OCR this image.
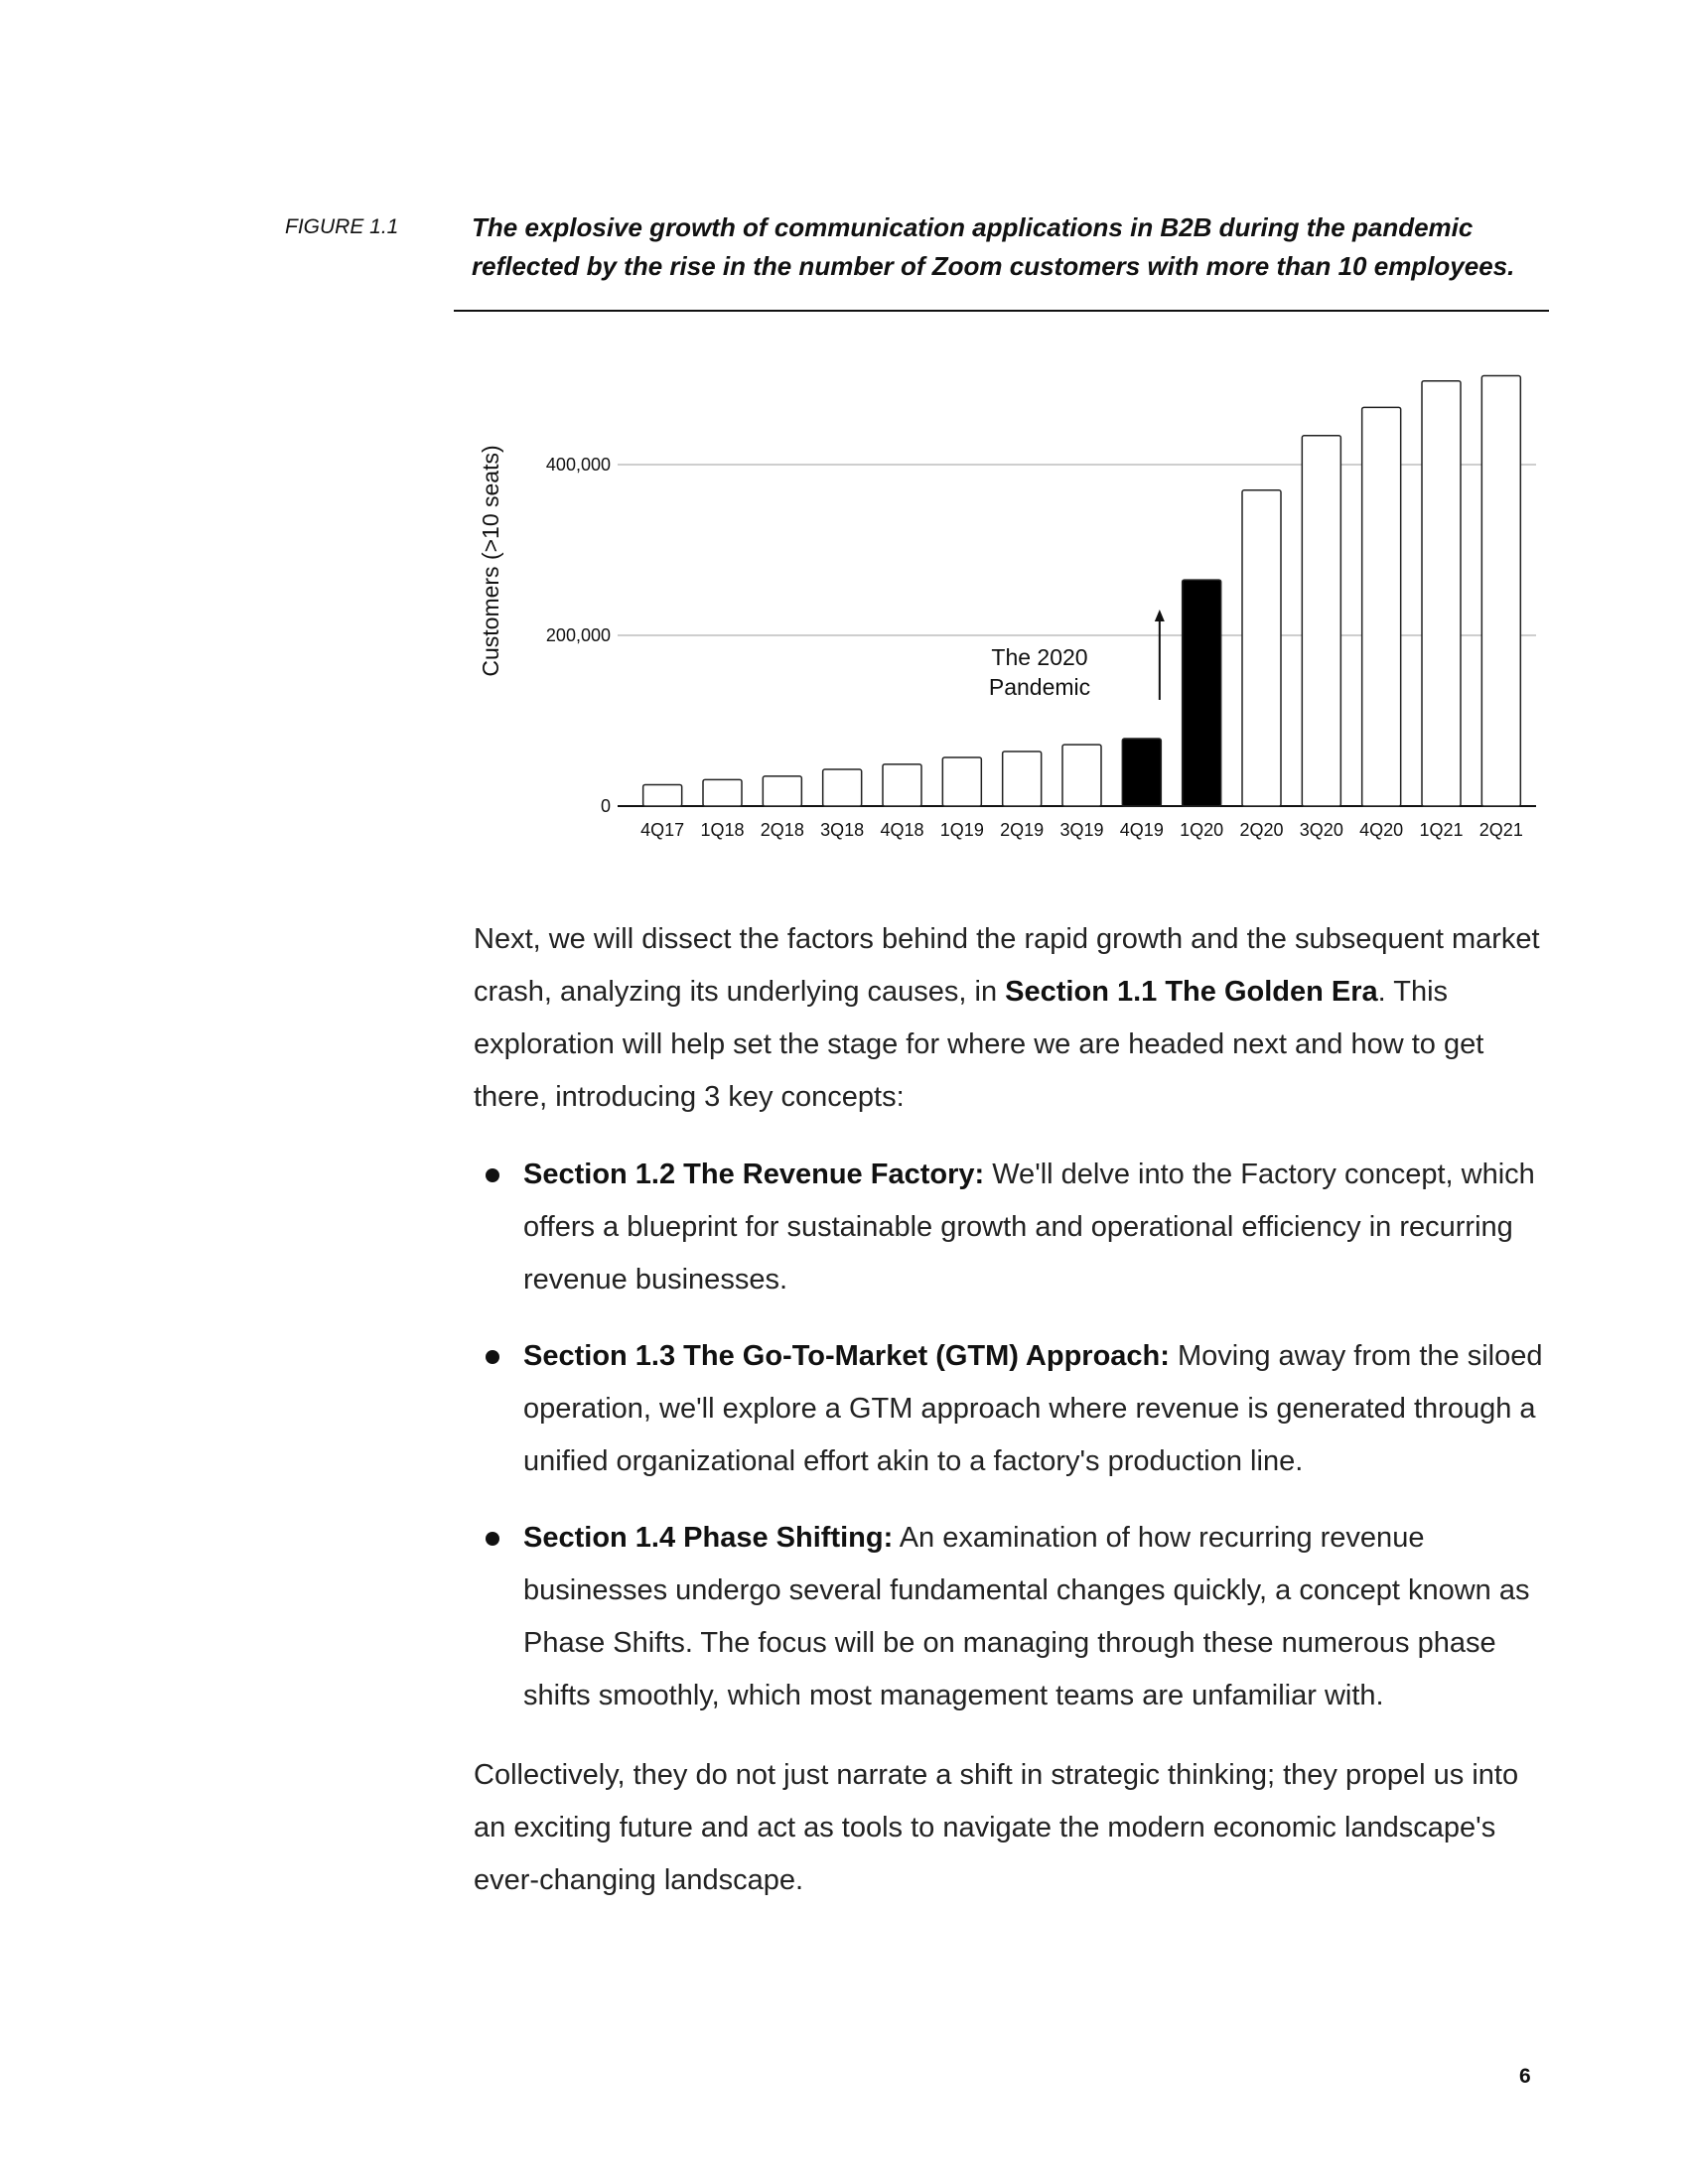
FIGURE 1.1	The explosive growth of communication applications in B2B during the pandemic reflected by the rise in the number of Zoom customers with more than 10 employees.
4Q17 1Q18 2Q18 3Q18 4Q18 1Q19 2Q19 3Q19 4Q19 1Q20 2Q20 3Q20 4Q20 1Q21 2Q21
0
200,000
400,000
Customers (>10 seats)	The 2020
Pandemic
Next, we will dissect the factors behind the rapid growth and the subsequent market crash, analyzing its underlying causes, in Section 1.1 The Golden Era. This exploration will help set the stage for where we are headed next and how to get there, introducing 3 key concepts:
Section 1.2 The Revenue Factory: We'll delve into the Factory concept, which offers a blueprint for sustainable growth and operational efficiency in recurring revenue businesses.
Section 1.3 The Go-To-Market (GTM) Approach: Moving away from the siloed operation, we'll explore a GTM approach where revenue is generated through a unified organizational effort akin to a factory's production line.
Section 1.4 Phase Shifting: An examination of how recurring revenue businesses undergo several fundamental changes quickly, a concept known as Phase Shifts. The focus will be on managing through these numerous phase shifts smoothly, which most management teams are unfamiliar with.
Collectively, they do not just narrate a shift in strategic thinking; they propel us into an exciting future and act as tools to navigate the modern economic landscape's ever-changing landscape.
6
